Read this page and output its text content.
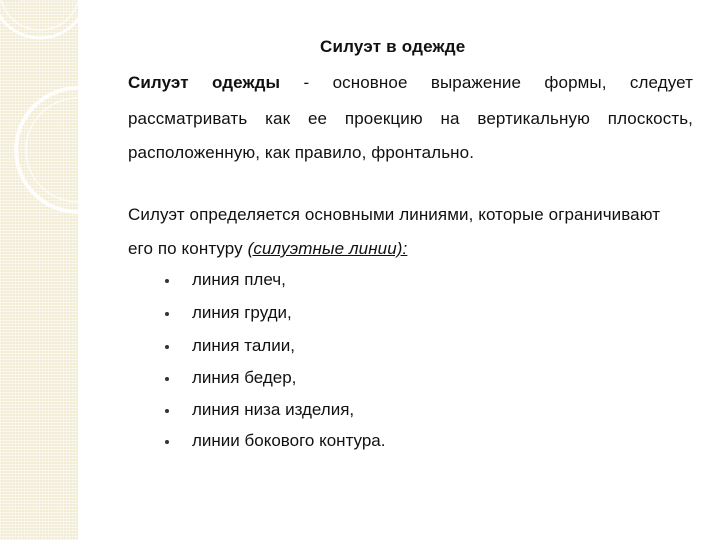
Силуэт в одежде
Силуэт одежды - основное выражение формы, следует
рассматривать как ее проекцию на вертикальную плоскость,
расположенную, как правило, фронтально.
Силуэт определяется основными линиями, которые ограничивают
его по контуру (силуэтные линии):
линия плеч,
линия груди,
линия талии,
линия бедер,
линия низа изделия,
линии бокового контура.
